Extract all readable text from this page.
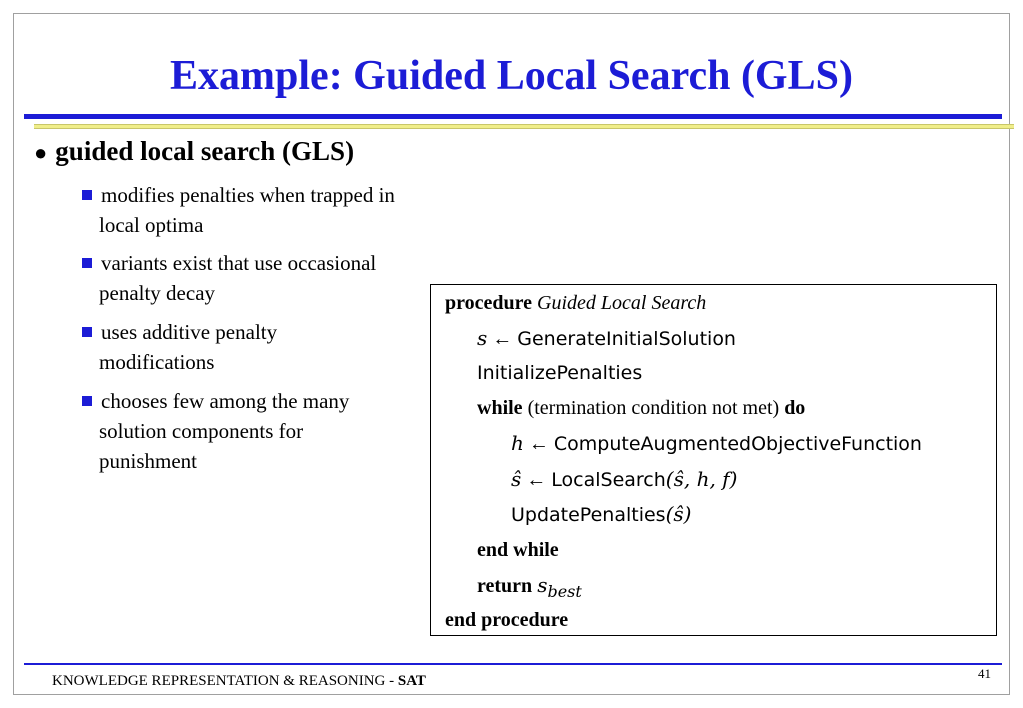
Example: Guided Local Search (GLS)
● guided local search (GLS)
modifies penalties when trapped in
local optima
variants exist that use occasional
penalty decay
uses additive penalty
modifications
chooses few among the many
solution components for
punishment
procedure Guided Local Search
s ← GenerateInitialSolution
InitializePenalties
while (termination condition not met) do
h ← ComputeAugmentedObjectiveFunction
ŝ ← LocalSearch(ŝ, h, f)
UpdatePenalties(ŝ)
end while
return $s_{best}$
end procedure
KNOWLEDGE REPRESENTATION & REASONING - SAT	41
